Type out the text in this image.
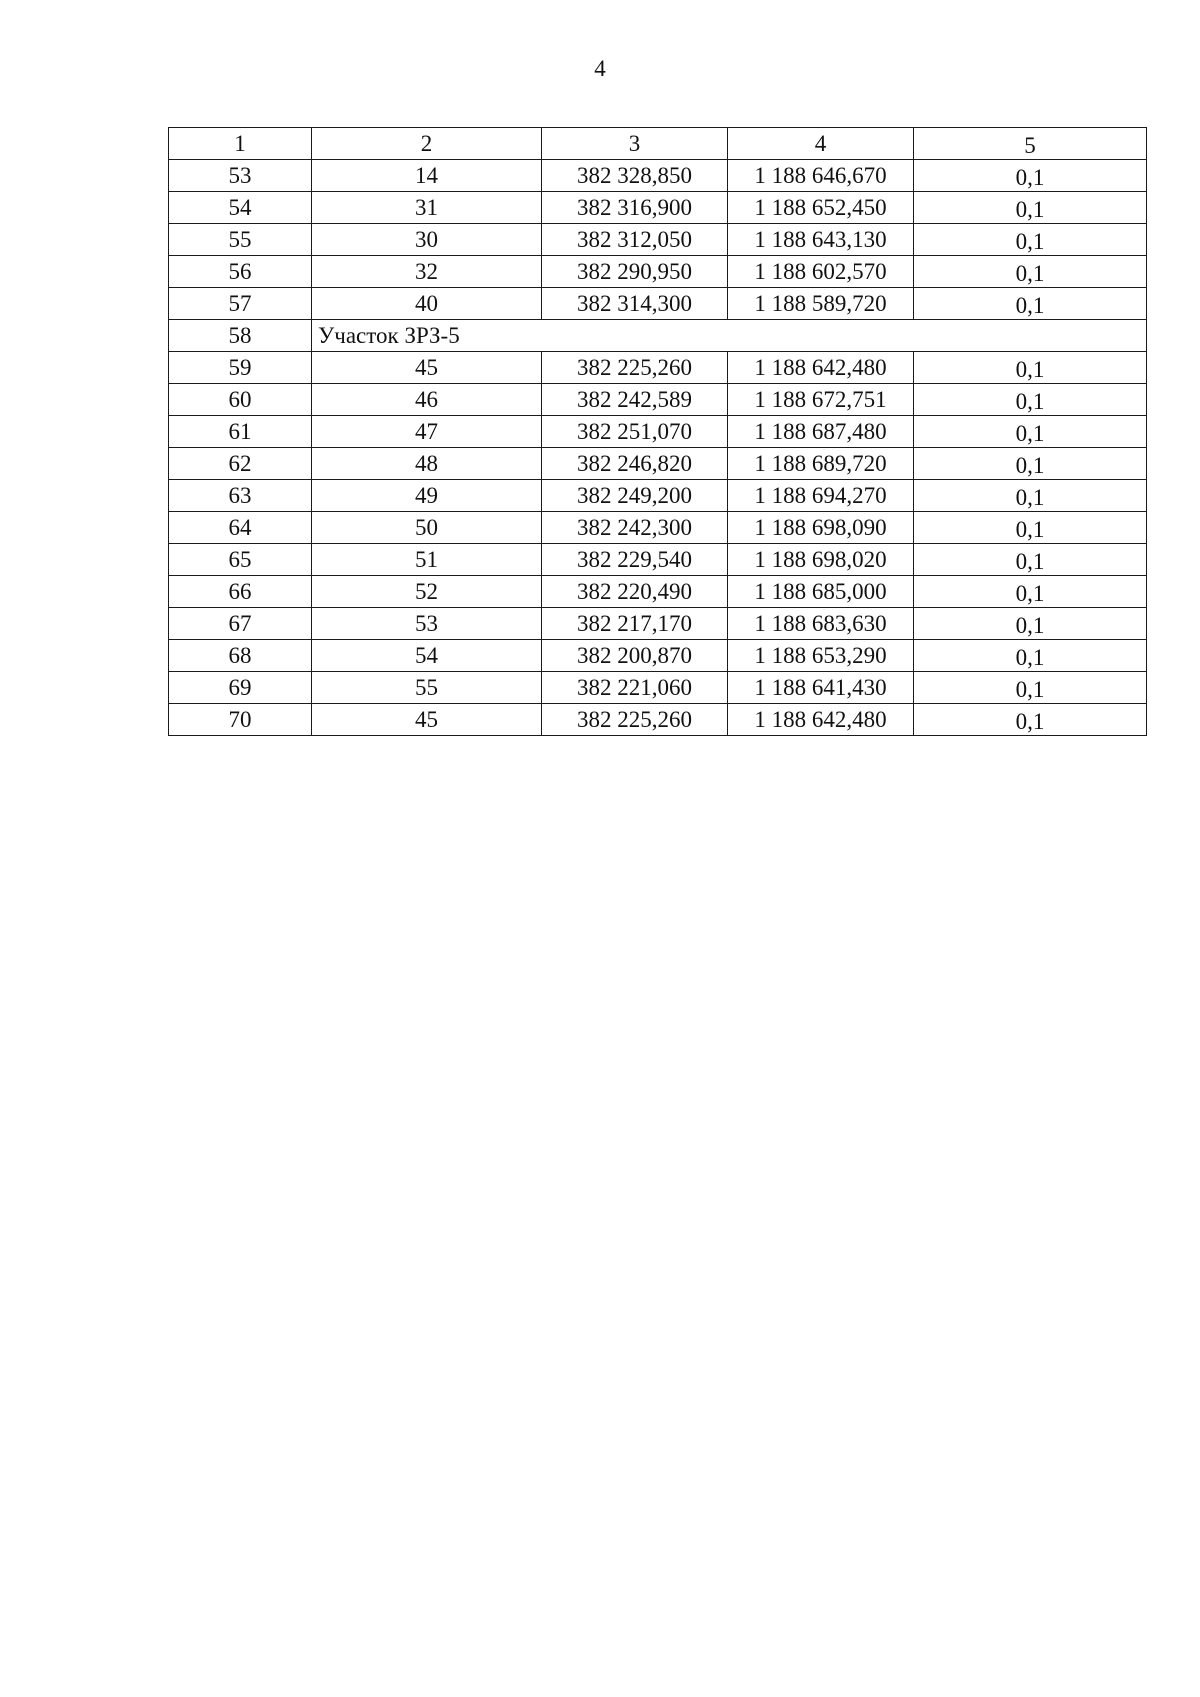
4
1	2	3	4	5
53	14	382 328,850	1 188 646,670	0,1
54	31	382 316,900	1 188 652,450	0,1
55	30	382 312,050	1 188 643,130	0,1
56	32	382 290,950	1 188 602,570	0,1
57	40	382 314,300	1 188 589,720	0,1
58	Участок ЗРЗ-5			
59	45	382 225,260	1 188 642,480	0,1
60	46	382 242,589	1 188 672,751	0,1
61	47	382 251,070	1 188 687,480	0,1
62	48	382 246,820	1 188 689,720	0,1
63	49	382 249,200	1 188 694,270	0,1
64	50	382 242,300	1 188 698,090	0,1
65	51	382 229,540	1 188 698,020	0,1
66	52	382 220,490	1 188 685,000	0,1
67	53	382 217,170	1 188 683,630	0,1
68	54	382 200,870	1 188 653,290	0,1
69	55	382 221,060	1 188 641,430	0,1
70	45	382 225,260	1 188 642,480	0,1
